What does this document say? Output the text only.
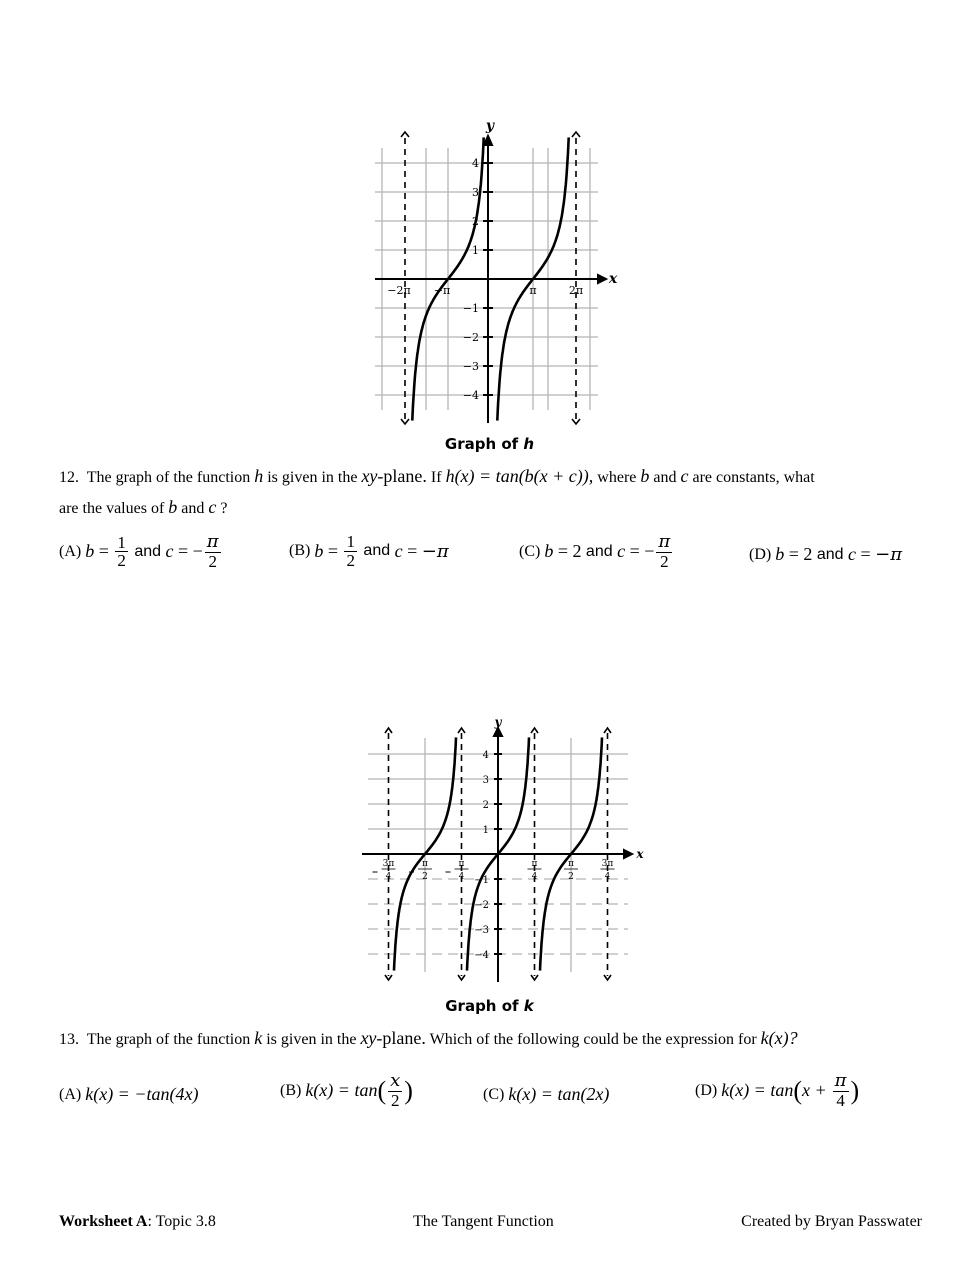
y
x
−2π −π	π	2π
1
2
3
4
−1
−2
−3
−4
Graph of h
12. The graph of the function h is given in the xy-plane. If h(x) = tan(b(x + c)), where b and c are constants, what
are the values of b and c ?
(A)
$b = \frac{1}{2}$ and c = − $\frac{\pi}{2}$	(B)
$b = \frac{1}{2}$ and c = −π	(C)
b = 2 and c = − $\frac{\pi}{2}$	(D)
b = 2 and c = −π
3π
4
π
2
π
4
π
4
π
2
3π
4
y
x
1
2
3
4
−1
−2
−3
−4
Graph of k
13. The graph of the function k is given in the xy-plane. Which of the following could be the expression for k(x)?
(A)
k(x) = −tan(4x)	(B)
k(x) = tan ( $\frac{x}{2}$ )	(C)
k(x) = tan(2x)	(D)
k(x) = tan ( x +
$\frac{\pi}{4}$ )
Worksheet A: Topic 3.8	The Tangent Function	Created by Bryan Passwater
